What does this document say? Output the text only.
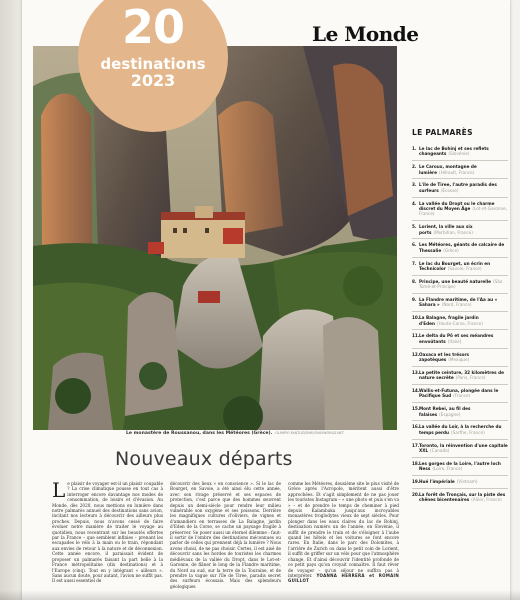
20
destinations
2023
Le Monde
Le monastère de Roussanou, dans les Météores (Grèce). OLIMPIO FANTUZ/SIME/ONLYWORLD.NET
Nouveaux départs
Le plaisir de voyager est-il un plaisir coupable ? La crise climatique pousse en tout cas à interroger encore davantage nos modes de consommation, de loisirs et d'évasion. Au Monde, dès 2020, nous mettions en lumière dans notre palmarès annuel des destinations sans avion, incitant nos lecteurs à découvrir des ailleurs plus proches. Depuis, nous n'avons cessé de faire évoluer notre manière de traiter le voyage au quotidien, nous recentrant sur les beautés offertes par la France – que semblent infinies – prenant les escapades le vélo à la main ou le train, répondant aux envies de retour à la nature et de déconnexion. Cette année encore, il paraissait évident de proposer un palmarès faisant la part belle à la France métropolitaine (dix destinations) et à l'Europe (cinq). Tout en y intégrant « ailleurs ». Sans aucun doute, pour autant, l'avion ne suffit pas. Il est aussi essentiel de
découvrir des lieux « en conscience ». Si le lac de Bourget, en Savoie, a été ainsi élu cette année, avec son rivage préservé et ses espaces de protection, c'est parce que des hommes œuvrent depuis un demi-siècle pour rendre leur milieu vulnérable son oxygène et ses poissons. Derrière les magnifiques cultures d'oliviers, de vignes et d'amandiers en terrasses de La Balagne, jardin d'Eden de la Corse, se cache un paysage fragile à préserver. Se poser aussi un éternel dilemme : faut-il sortir de l'ombre des destinations méconnues ou parler de celles qui prennent déjà la lumière ? Nous avons choisi, de ne pas choisir. Certes, il est aisé de découvrir sans les hordes de touristes les charmes médiévaux de la vallée du Dropt, dans le Lot-et-Garonne, de flâner le long de la Flandre maritime, du Nord au sud, sur la terre de la Touraine, et de prendre la vague sur l'île de Tiree, paradis secret des surfeurs écossais. Mais des splendeurs géologiques
comme les Météores, deuxième site le plus visité de Grèce après l'Acropole, méritent aussi d'être approchées. Et s'agit simplement de ne pas jouer les touristes Instagram – « une photo et puis s'en va » – et de prendre le temps de cheminer à pied depuis Kalambaka jusqu'aux incroyables monastères troglodytes vieux de sept siècles. Pour plonger dans les eaux claires du lac de Bohinj, destination numéro un de l'année, en Slovénie, il suffit de prendre le train et de s'éloigner à l'aube quand les hôtels et les voitures se font encore rares. En Italie, dans le parc des Dolomites, à l'arrière de Zurich ou dans le petit coin de Lorient, il suffit de griffer sur un vélo pour que l'atmosphère change. Et d'ainsi découvrir l'identité profonde de ce petit pays qu'on croyait connaître. Il faut rêver de voyager – qu'un séjour ne suffira pas à interpréter. YOANNA HERRERA et ROMAIN GUILLOT
LE PALMARÈS
1. Le lac de Bohinj et ses reflets changeants (Slovénie)
2. Le Caroux, montagne de lumière (Hérault, France)
3. L'île de Tiree, l'autre paradis des surfeurs (Écosse)
4. La vallée du Dropt ou le charme discret du Moyen Âge (Lot-et-Garonne, France)
5. Lorient, la ville aux six ports (Morbihan, France)
6. Les Météores, géants de calcaire de Thessalie (Grèce)
7. Le lac du Bourget, un écrin en Technicolor (Savoie, France)
8. Principe, une beauté naturelle (São Tomé-et-Príncipe)
9. La Flandre maritime, de l'Aa au « Sahara » (Nord, France)
10. La Balagne, fragile jardin d'Eden (Haute-Corse, France)
11. Le delta du Pô et ses méandres envoûtants (Italie)
12. Oaxaca et les trésors zapotèques (Mexique)
13. La petite ceinture, 32 kilomètres de nature secrète (Paris, France)
14. Wallis-et-Futuna, plongée dans le Pacifique Sud (France)
15. Mont Rebei, au fil des falaises (Espagne)
16. La vallée du Loir, à la recherche du temps perdu (Sarthe, France)
17. Toronto, la réinvention d'une capitale XXL (Canada)
18. Les gorges de la Loire, l'autre loch Ness (Loire, France)
19. Hué l'impériale (Vietnam)
20. La forêt de Tronçais, sur la piste des chênes bicentenaires (Allier, France)
